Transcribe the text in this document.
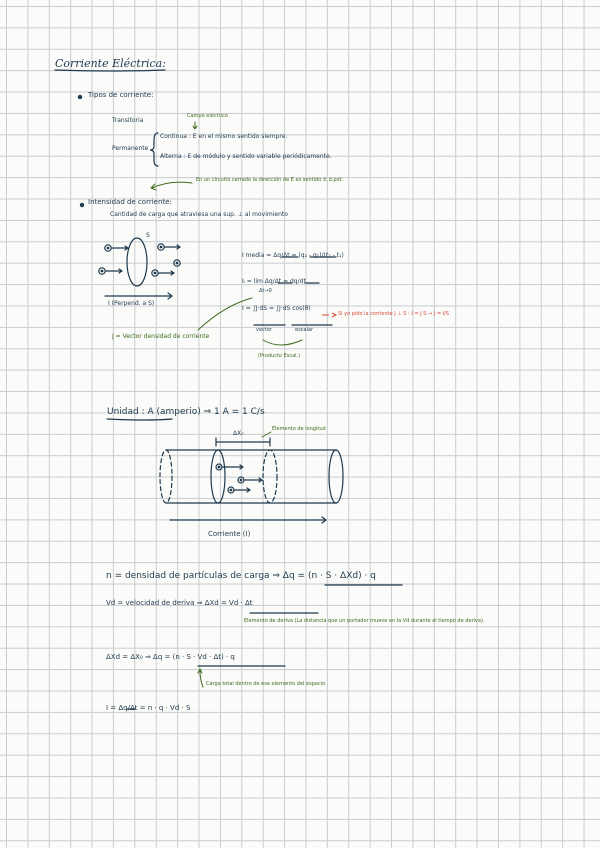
Corriente Eléctrica:
Tipos de corriente:
Campo eléctrico
Transitoria
Permanente
Continua : E en el mismo sentido siempre.
Alterna : E de módulo y sentido variable periódicamente.
En un circuito cerrado la dirección de E es sentido ± d.pot.
Intensidad de corriente:
Cantidad de carga que atraviesa una sup. ⊥ al movimiento
S
I (Perpend. a S)
I media = Δq/Δt = (q₂ - q₁)/(t₂ - t₁)
Iᵢ = lím Δq/Δt = dq/dt
Δt→0
I = ∫J·dS = ∫J·dS cos(θ)
Si yo pido la corriente J ⊥ S : I = J·S → J = I/S
vector	escalar
(Producto Escal.)
J = Vector densidad de corriente
Unidad : A (amperio) ⇒ 1 A = 1 C/s
ΔX₀
Elemento de longitud
Corriente (I)
n = densidad de partículas de carga ⇒ Δq = (n · S · ΔXd) · q
Vd = velocidad de deriva ⇒ ΔXd = Vd · Δt
Elemento de deriva (La distancia que un portador mueve en la Vd durante el tiempo de deriva).
ΔXd = ΔX₀ ⇒ Δq = (n · S · Vd · Δt) · q
Carga total dentro de ese elemento del espacio
I = Δq/Δt = n · q · Vd · S
